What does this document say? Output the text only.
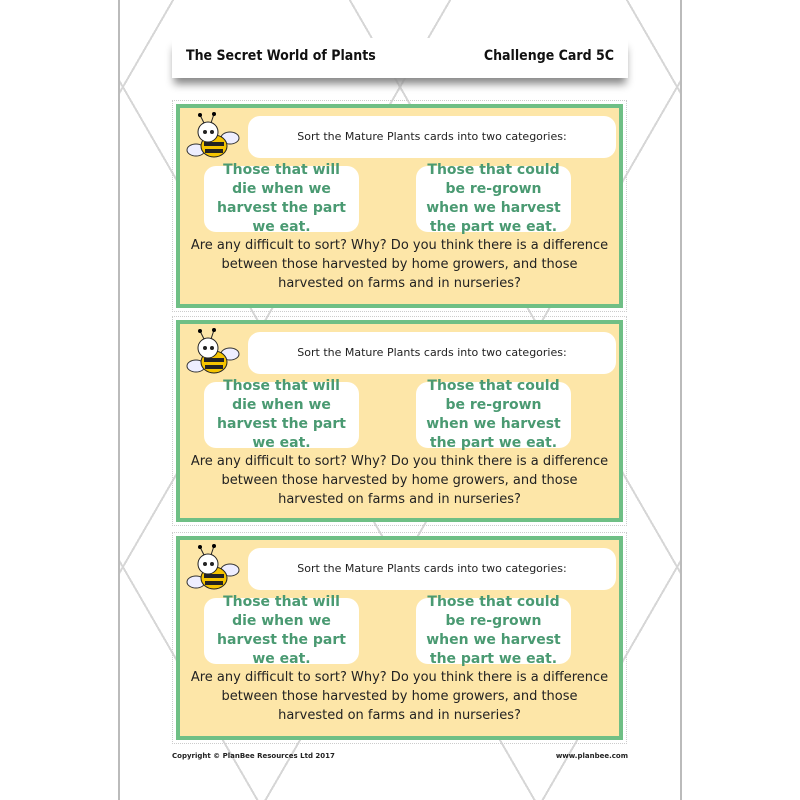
The Secret World of Plants	Challenge Card 5C
Sort the Mature Plants cards into two categories:
Those that will die when we harvest the part we eat.
Those that could be re-grown when we harvest the part we eat.
Are any difficult to sort? Why? Do you think there is a difference between those harvested by home growers, and those harvested on farms and in nurseries?
Sort the Mature Plants cards into two categories:
Those that will die when we harvest the part we eat.
Those that could be re-grown when we harvest the part we eat.
Are any difficult to sort? Why? Do you think there is a difference between those harvested by home growers, and those harvested on farms and in nurseries?
Sort the Mature Plants cards into two categories:
Those that will die when we harvest the part we eat.
Those that could be re-grown when we harvest the part we eat.
Are any difficult to sort? Why? Do you think there is a difference between those harvested by home growers, and those harvested on farms and in nurseries?
Copyright © PlanBee Resources Ltd 2017	www.planbee.com
